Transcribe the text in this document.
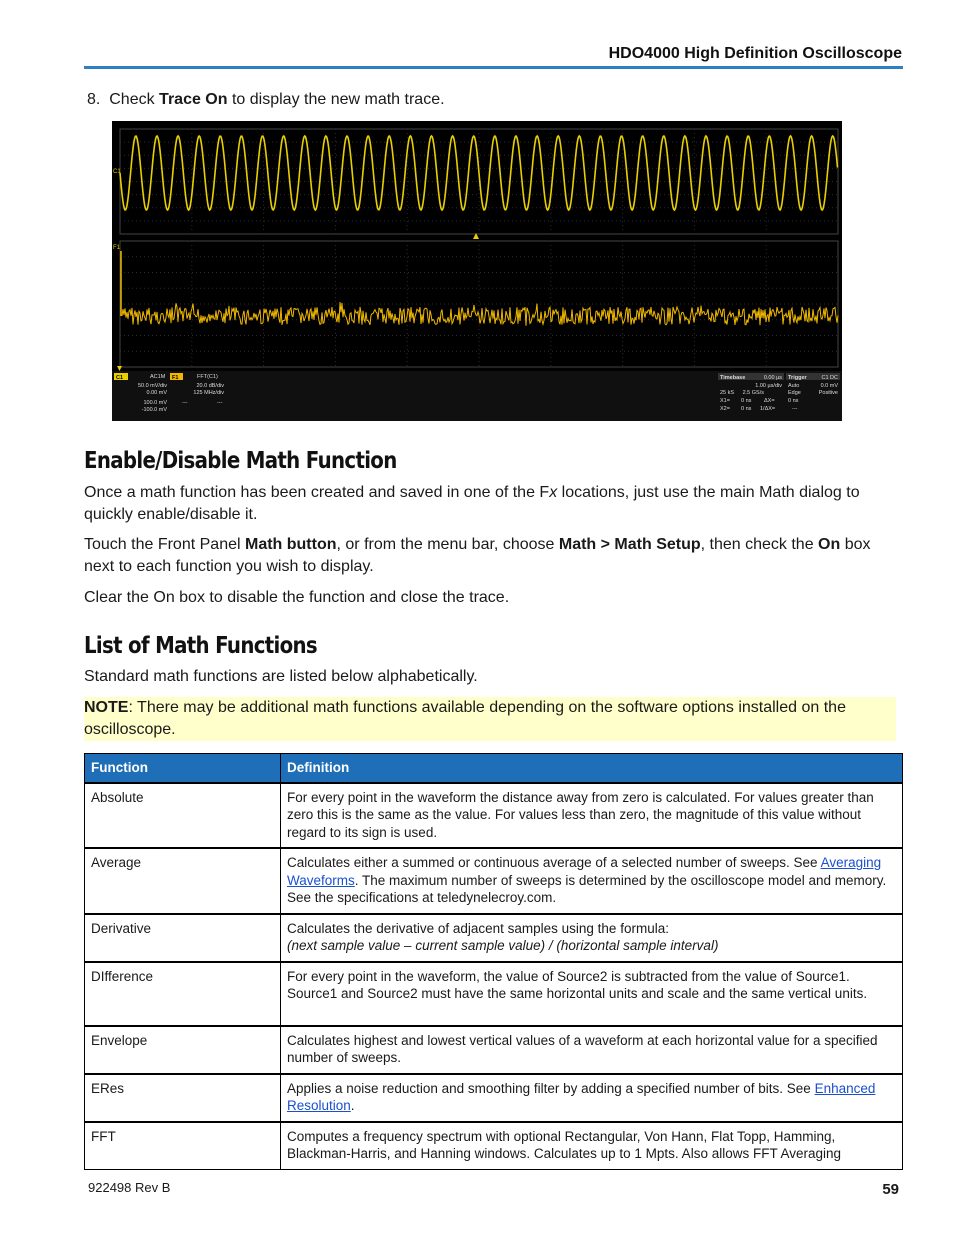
HDO4000 High Definition Oscilloscope
8. Check Trace On to display the new math trace.
C1
F1
C1	AC1M
50.0 mV/div
0.00 mV
100.0 mV
-100.0 mV
F1	FFT(C1)
20.0 dB/div
125 MHz/div
---	---
Timebase	0.00 µs
1.00 µs/div
25 kS 2.5 GS/s
X1= 0 ns
X2= 0 ns
ΔX= 0 ns
1/ΔX=	---
Trigger	C1 DC
Auto	0.0 mV
Edge	Positive
Enable/Disable Math Function

Once a math function has been created and saved in one of the Fx locations, just use the main Math dialog to quickly enable/disable it.

Touch the Front Panel Math button, or from the menu bar, choose Math > Math Setup, then check the On box next to each function you wish to display.

Clear the On box to disable the function and close the trace.

List of Math Functions

Standard math functions are listed below alphabetically.

NOTE: There may be additional math functions available depending on the software options installed on the oscilloscope.
Function	Definition
Absolute	For every point in the waveform the distance away from zero is calculated. For values greater than zero this is the same as the value. For values less than zero, the magnitude of this value without regard to its sign is used.
Average	Calculates either a summed or continuous average of a selected number of sweeps. See Averaging Waveforms. The maximum number of sweeps is determined by the oscilloscope model and memory. See the specifications at teledynelecroy.com.
Derivative	Calculates the derivative of adjacent samples using the formula:
(next sample value – current sample value) / (horizontal sample interval)
DIfference	For every point in the waveform, the value of Source2 is subtracted from the value of Source1. Source1 and Source2 must have the same horizontal units and scale and the same vertical units.
Envelope	Calculates highest and lowest vertical values of a waveform at each horizontal value for a specified number of sweeps.
ERes	Applies a noise reduction and smoothing filter by adding a specified number of bits. See Enhanced Resolution.
FFT	Computes a frequency spectrum with optional Rectangular, Von Hann, Flat Topp, Hamming, Blackman-Harris, and Hanning windows. Calculates up to 1 Mpts. Also allows FFT Averaging
922498 Rev B	59
